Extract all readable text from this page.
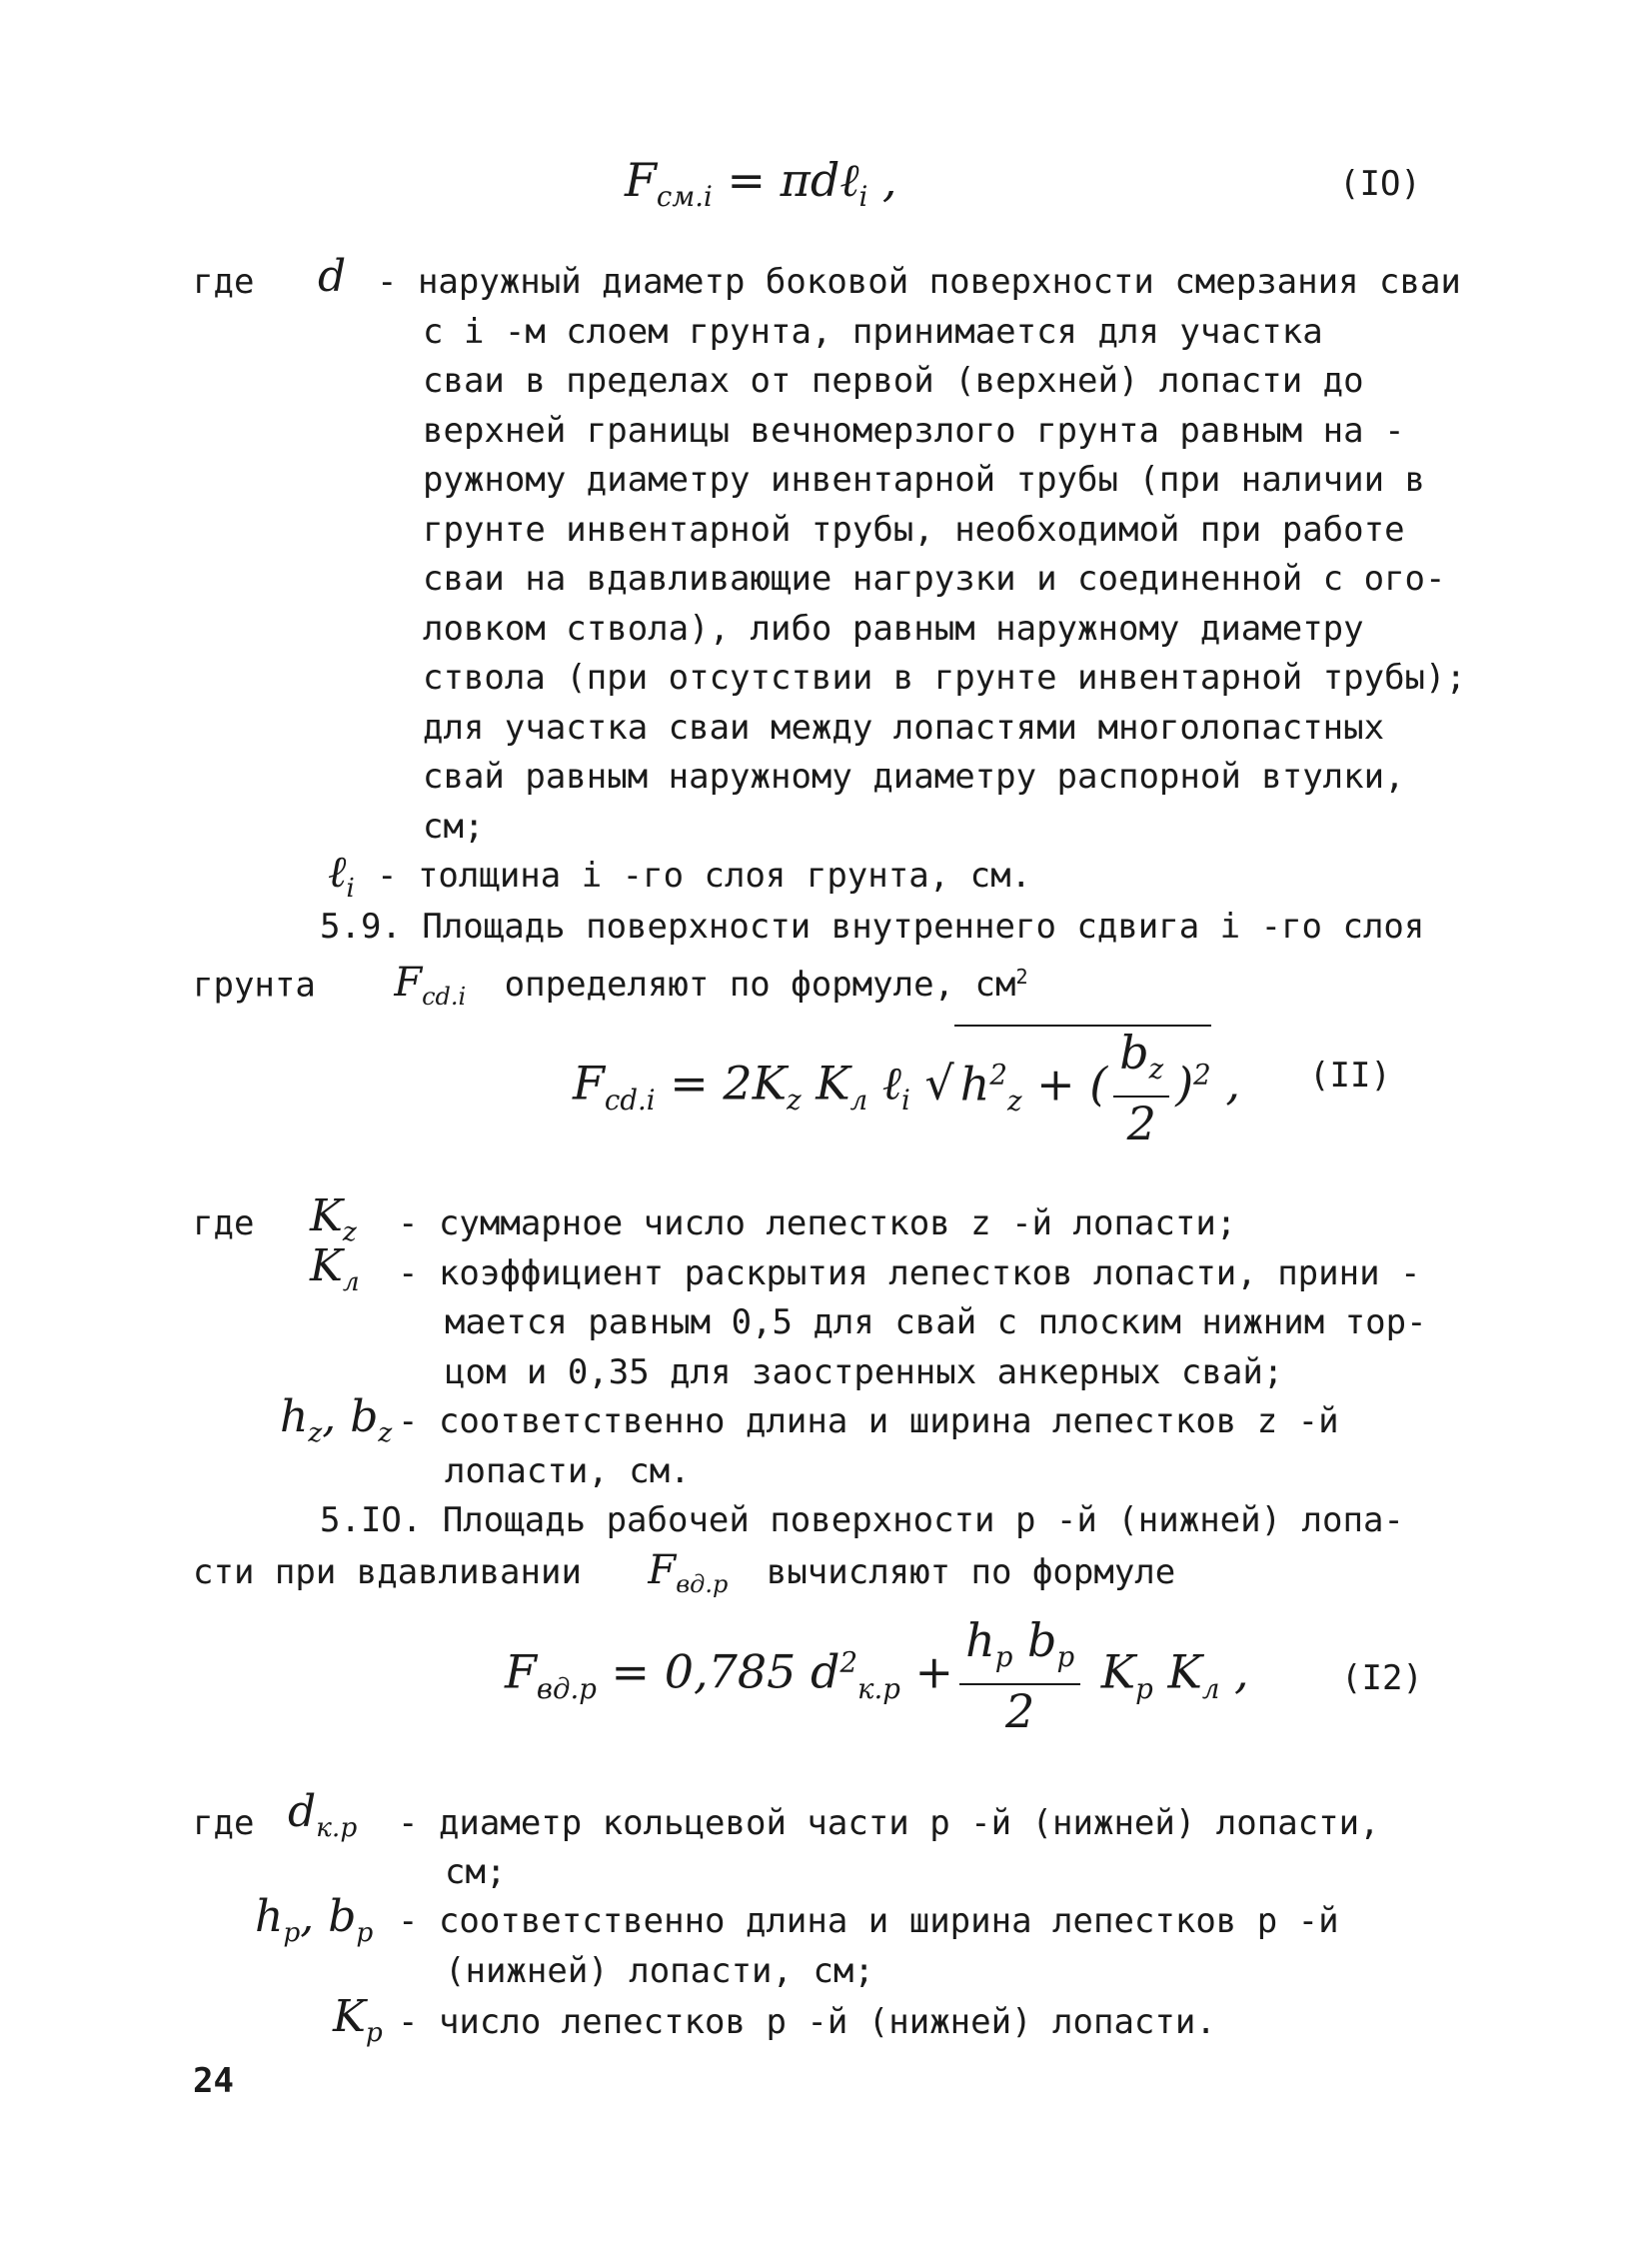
$F_{см.i}$ = πdℓ$_i$ ,	(IO)
где d - наружный диаметр боковой поверхности смерзания сваи
с i -м слоем грунта, принимается для участка
сваи в пределах от первой (верхней) лопасти до
верхней границы вечномерзлого грунта равным на -
ружному диаметру инвентарной трубы (при наличии в
грунте инвентарной трубы, необходимой при работе
сваи на вдавливающие нагрузки и соединенной с ого-
ловком ствола), либо равным наружному диаметру
ствола (при отсутствии в грунте инвентарной трубы);
для участка сваи между лопастями многолопастных
свай равным наружному диаметру распорной втулки,
см;
ℓ$_i$ - толщина i -го слоя грунта, см.
5.9. Площадь поверхности внутреннего сдвига i -го слоя
грунта $F_{cd.i}$ определяют по формуле, $см^2$
$F_{cd.i} = 2K_z$ $K_л$ ℓ$_i$ √ $h^2_z$ + ( $\frac{b_z}{2} )^2$ , (II)
где $K_z$ - суммарное число лепестков z -й лопасти;
$K_л$ - коэффициент раскрытия лепестков лопасти, прини -
мается равным 0,5 для свай с плоским нижним тор-
цом и 0,35 для заостренных анкерных свай;
$h_z$, $b_z$ - соответственно длина и ширина лепестков z -й
лопасти, см.
5.IO. Площадь рабочей поверхности p -й (нижней) лопа-
сти при вдавливании $F_{вд.p}$ вычисляют по формуле
$F_{вд.p} = 0,785$ $d^2_{к.p} + \frac{h_p b_p}{2} K_p$ $K_л$ ,	(I2)
где $d_{к.p}$ - диаметр кольцевой части p -й (нижней) лопасти,
см;
$h_p$, $b_p$ - соответственно длина и ширина лепестков p -й
(нижней) лопасти, см;
$K_p$ - число лепестков p -й (нижней) лопасти.
24
